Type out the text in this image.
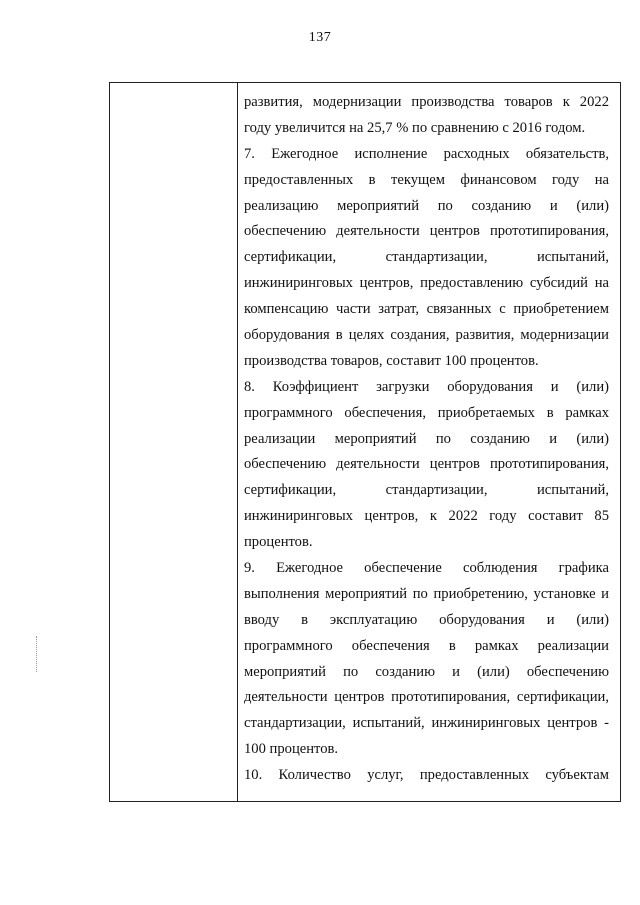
137
развития, модернизации производства товаров к 2022
году увеличится на 25,7 % по сравнению с 2016 годом.
7. Ежегодное исполнение расходных обязательств,
предоставленных в текущем финансовом году на
реализацию мероприятий по созданию и (или)
обеспечению деятельности центров прототипирования,
сертификации, стандартизации, испытаний,
инжиниринговых центров, предоставлению субсидий на
компенсацию части затрат, связанных с приобретением
оборудования в целях создания, развития, модернизации
производства товаров, составит 100 процентов.
8. Коэффициент загрузки оборудования и (или)
программного обеспечения, приобретаемых в рамках
реализации мероприятий по созданию и (или)
обеспечению деятельности центров прототипирования,
сертификации, стандартизации, испытаний,
инжиниринговых центров, к 2022 году составит 85
процентов.
9. Ежегодное обеспечение соблюдения графика
выполнения мероприятий по приобретению, установке и
вводу в эксплуатацию оборудования и (или)
программного обеспечения в рамках реализации
мероприятий по созданию и (или) обеспечению
деятельности центров прототипирования, сертификации,
стандартизации, испытаний, инжиниринговых центров -
100 процентов.
10. Количество услуг, предоставленных субъектам
